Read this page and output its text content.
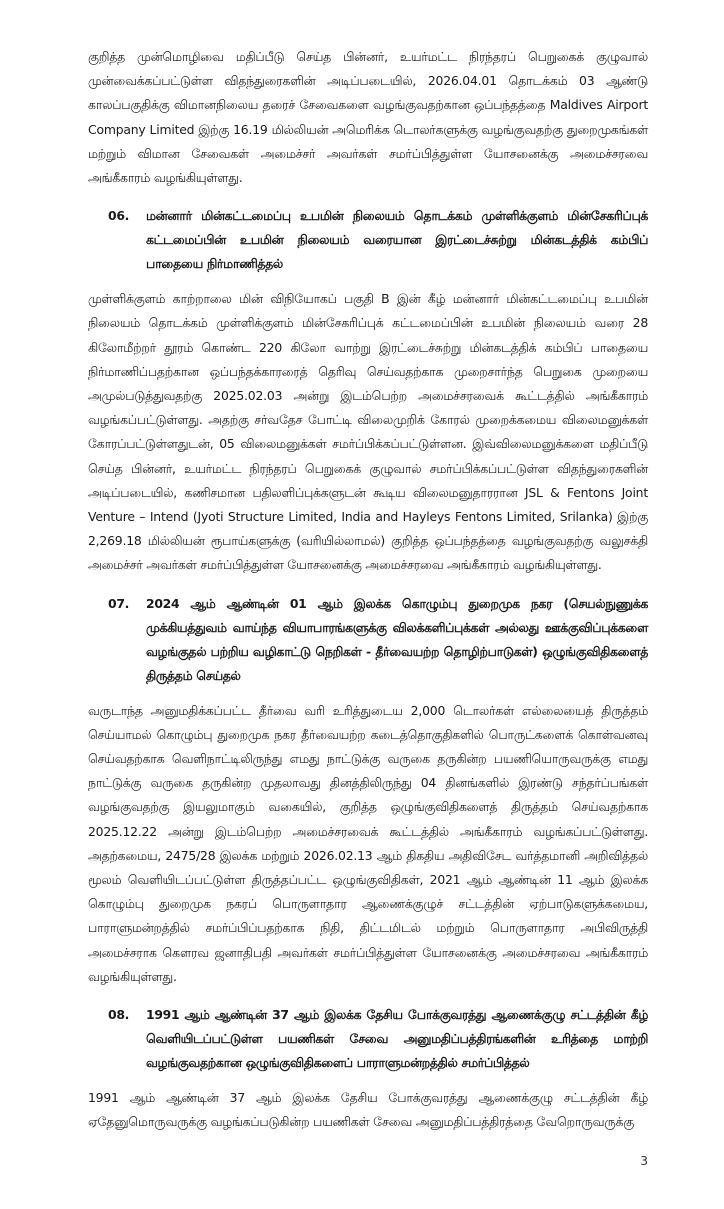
குறித்த முன்மொழிவை மதிப்பீடு செய்த பின்னர், உயர்மட்ட நிரந்தரப் பெறுகைக் குழுவால் முன்வைக்கப்பட்டுள்ள விதந்துரைகளின் அடிப்படையில், 2026.04.01 தொடக்கம் 03 ஆண்டு காலப்பகுதிக்கு விமானநிலைய தரைச் சேவைகளை வழங்குவதற்கான ஒப்பந்தத்தை Maldives Airport Company Limited இற்கு 16.19 மில்லியன் அமெரிக்க டொலர்களுக்கு வழங்குவதற்கு துறைமுகங்கள் மற்றும் விமான சேவைகள் அமைச்சர் அவர்கள் சமர்ப்பித்துள்ள யோசனைக்கு அமைச்சரவை அங்கீகாரம் வழங்கியுள்ளது.

06.	மன்னார் மின்கட்டமைப்பு உபமின் நிலையம் தொடக்கம் முள்ளிக்குளம் மின்சேகரிப்புக் கட்டமைப்பின் உபமின் நிலையம் வரையான இரட்டைச்சுற்று மின்கடத்திக் கம்பிப் பாதையை நிர்மாணித்தல்

முள்ளிக்குளம் காற்றாலை மின் விநியோகப் பகுதி B இன் கீழ் மன்னார் மின்கட்டமைப்பு உபமின் நிலையம் தொடக்கம் முள்ளிக்குளம் மின்சேகரிப்புக் கட்டமைப்பின் உபமின் நிலையம் வரை 28 கிலோமீற்றர் தூரம் கொண்ட 220 கிலோ வாற்று இரட்டைச்சுற்று மின்கடத்திக் கம்பிப் பாதையை நிர்மாணிப்பதற்கான ஒப்பந்தக்காரரைத் தெரிவு செய்வதற்காக முறைசார்ந்த பெறுகை முறையை அமுல்படுத்துவதற்கு 2025.02.03 அன்று இடம்பெற்ற அமைச்சரவைக் கூட்டத்தில் அங்கீகாரம் வழங்கப்பட்டுள்ளது. அதற்கு சர்வதேச போட்டி விலைமுறிக் கோரல் முறைக்கமைய விலைமனுக்கள் கோரப்பட்டுள்ளதுடன், 05 விலைமனுக்கள் சமர்ப்பிக்கப்பட்டுள்ளன. இவ்விலைமனுக்களை மதிப்பீடு செய்த பின்னர், உயர்மட்ட நிரந்தரப் பெறுகைக் குழுவால் சமர்ப்பிக்கப்பட்டுள்ள விதந்துரைகளின் அடிப்படையில், கணிசமான பதிலளிப்புக்களுடன் கூடிய விலைமனுதாரரான JSL & Fentons Joint Venture – Intend (Jyoti Structure Limited, India and Hayleys Fentons Limited, Srilanka) இற்கு 2,269.18 மில்லியன் ரூபாய்களுக்கு (வரியில்லாமல்) குறித்த ஒப்பந்தத்தை வழங்குவதற்கு வலுசக்தி அமைச்சர் அவர்கள் சமர்ப்பித்துள்ள யோசனைக்கு அமைச்சரவை அங்கீகாரம் வழங்கியுள்ளது.

07.	2024 ஆம் ஆண்டின் 01 ஆம் இலக்க கொழும்பு துறைமுக நகர (செயல்நுணுக்க முக்கியத்துவம் வாய்ந்த வியாபாரங்களுக்கு விலக்களிப்புக்கள் அல்லது ஊக்குவிப்புக்களை வழங்குதல் பற்றிய வழிகாட்டு நெறிகள் - தீர்வையற்ற தொழிற்பாடுகள்) ஒழுங்குவிதிகளைத் திருத்தம் செய்தல்

வருடாந்த அனுமதிக்கப்பட்ட தீர்வை வரி உரித்துடைய 2,000 டொலர்கள் எல்லையைத் திருத்தம் செய்யாமல் கொழும்பு துறைமுக நகர தீர்வையற்ற கடைத்தொகுதிகளில் பொருட்களைக் கொள்வனவு செய்வதற்காக வெளிநாட்டிலிருந்து எமது நாட்டுக்கு வருகை தருகின்ற பயணியொருவருக்கு எமது நாட்டுக்கு வருகை தருகின்ற முதலாவது தினத்திலிருந்து 04 தினங்களில் இரண்டு சந்தர்ப்பங்கள் வழங்குவதற்கு இயலுமாகும் வகையில், குறித்த ஒழுங்குவிதிகளைத் திருத்தம் செய்வதற்காக 2025.12.22 அன்று இடம்பெற்ற அமைச்சரவைக் கூட்டத்தில் அங்கீகாரம் வழங்கப்பட்டுள்ளது. அதற்கமைய, 2475/28 இலக்க மற்றும் 2026.02.13 ஆம் திகதிய அதிவிசேட வர்த்தமானி அறிவித்தல் மூலம் வெளியிடப்பட்டுள்ள திருத்தப்பட்ட ஒழுங்குவிதிகள், 2021 ஆம் ஆண்டின் 11 ஆம் இலக்க கொழும்பு துறைமுக நகரப் பொருளாதார ஆணைக்குழுச் சட்டத்தின் ஏற்பாடுகளுக்கமைய, பாராளுமன்றத்தில் சமர்ப்பிப்பதற்காக நிதி, திட்டமிடல் மற்றும் பொருளாதார அபிவிருத்தி அமைச்சராக கௌரவ ஜனாதிபதி அவர்கள் சமர்ப்பித்துள்ள யோசனைக்கு அமைச்சரவை அங்கீகாரம் வழங்கியுள்ளது.

08.	1991 ஆம் ஆண்டின் 37 ஆம் இலக்க தேசிய போக்குவரத்து ஆணைக்குழு சட்டத்தின் கீழ் வெளியிடப்பட்டுள்ள பயணிகள் சேவை அனுமதிப்பத்திரங்களின் உரித்தை மாற்றி வழங்குவதற்கான ஒழுங்குவிதிகளைப் பாராளுமன்றத்தில் சமர்ப்பித்தல்

1991 ஆம் ஆண்டின் 37 ஆம் இலக்க தேசிய போக்குவரத்து ஆணைக்குழு சட்டத்தின் கீழ் ஏதேனுமொருவருக்கு வழங்கப்படுகின்ற பயணிகள் சேவை அனுமதிப்பத்திரத்தை வேறொருவருக்கு

3
